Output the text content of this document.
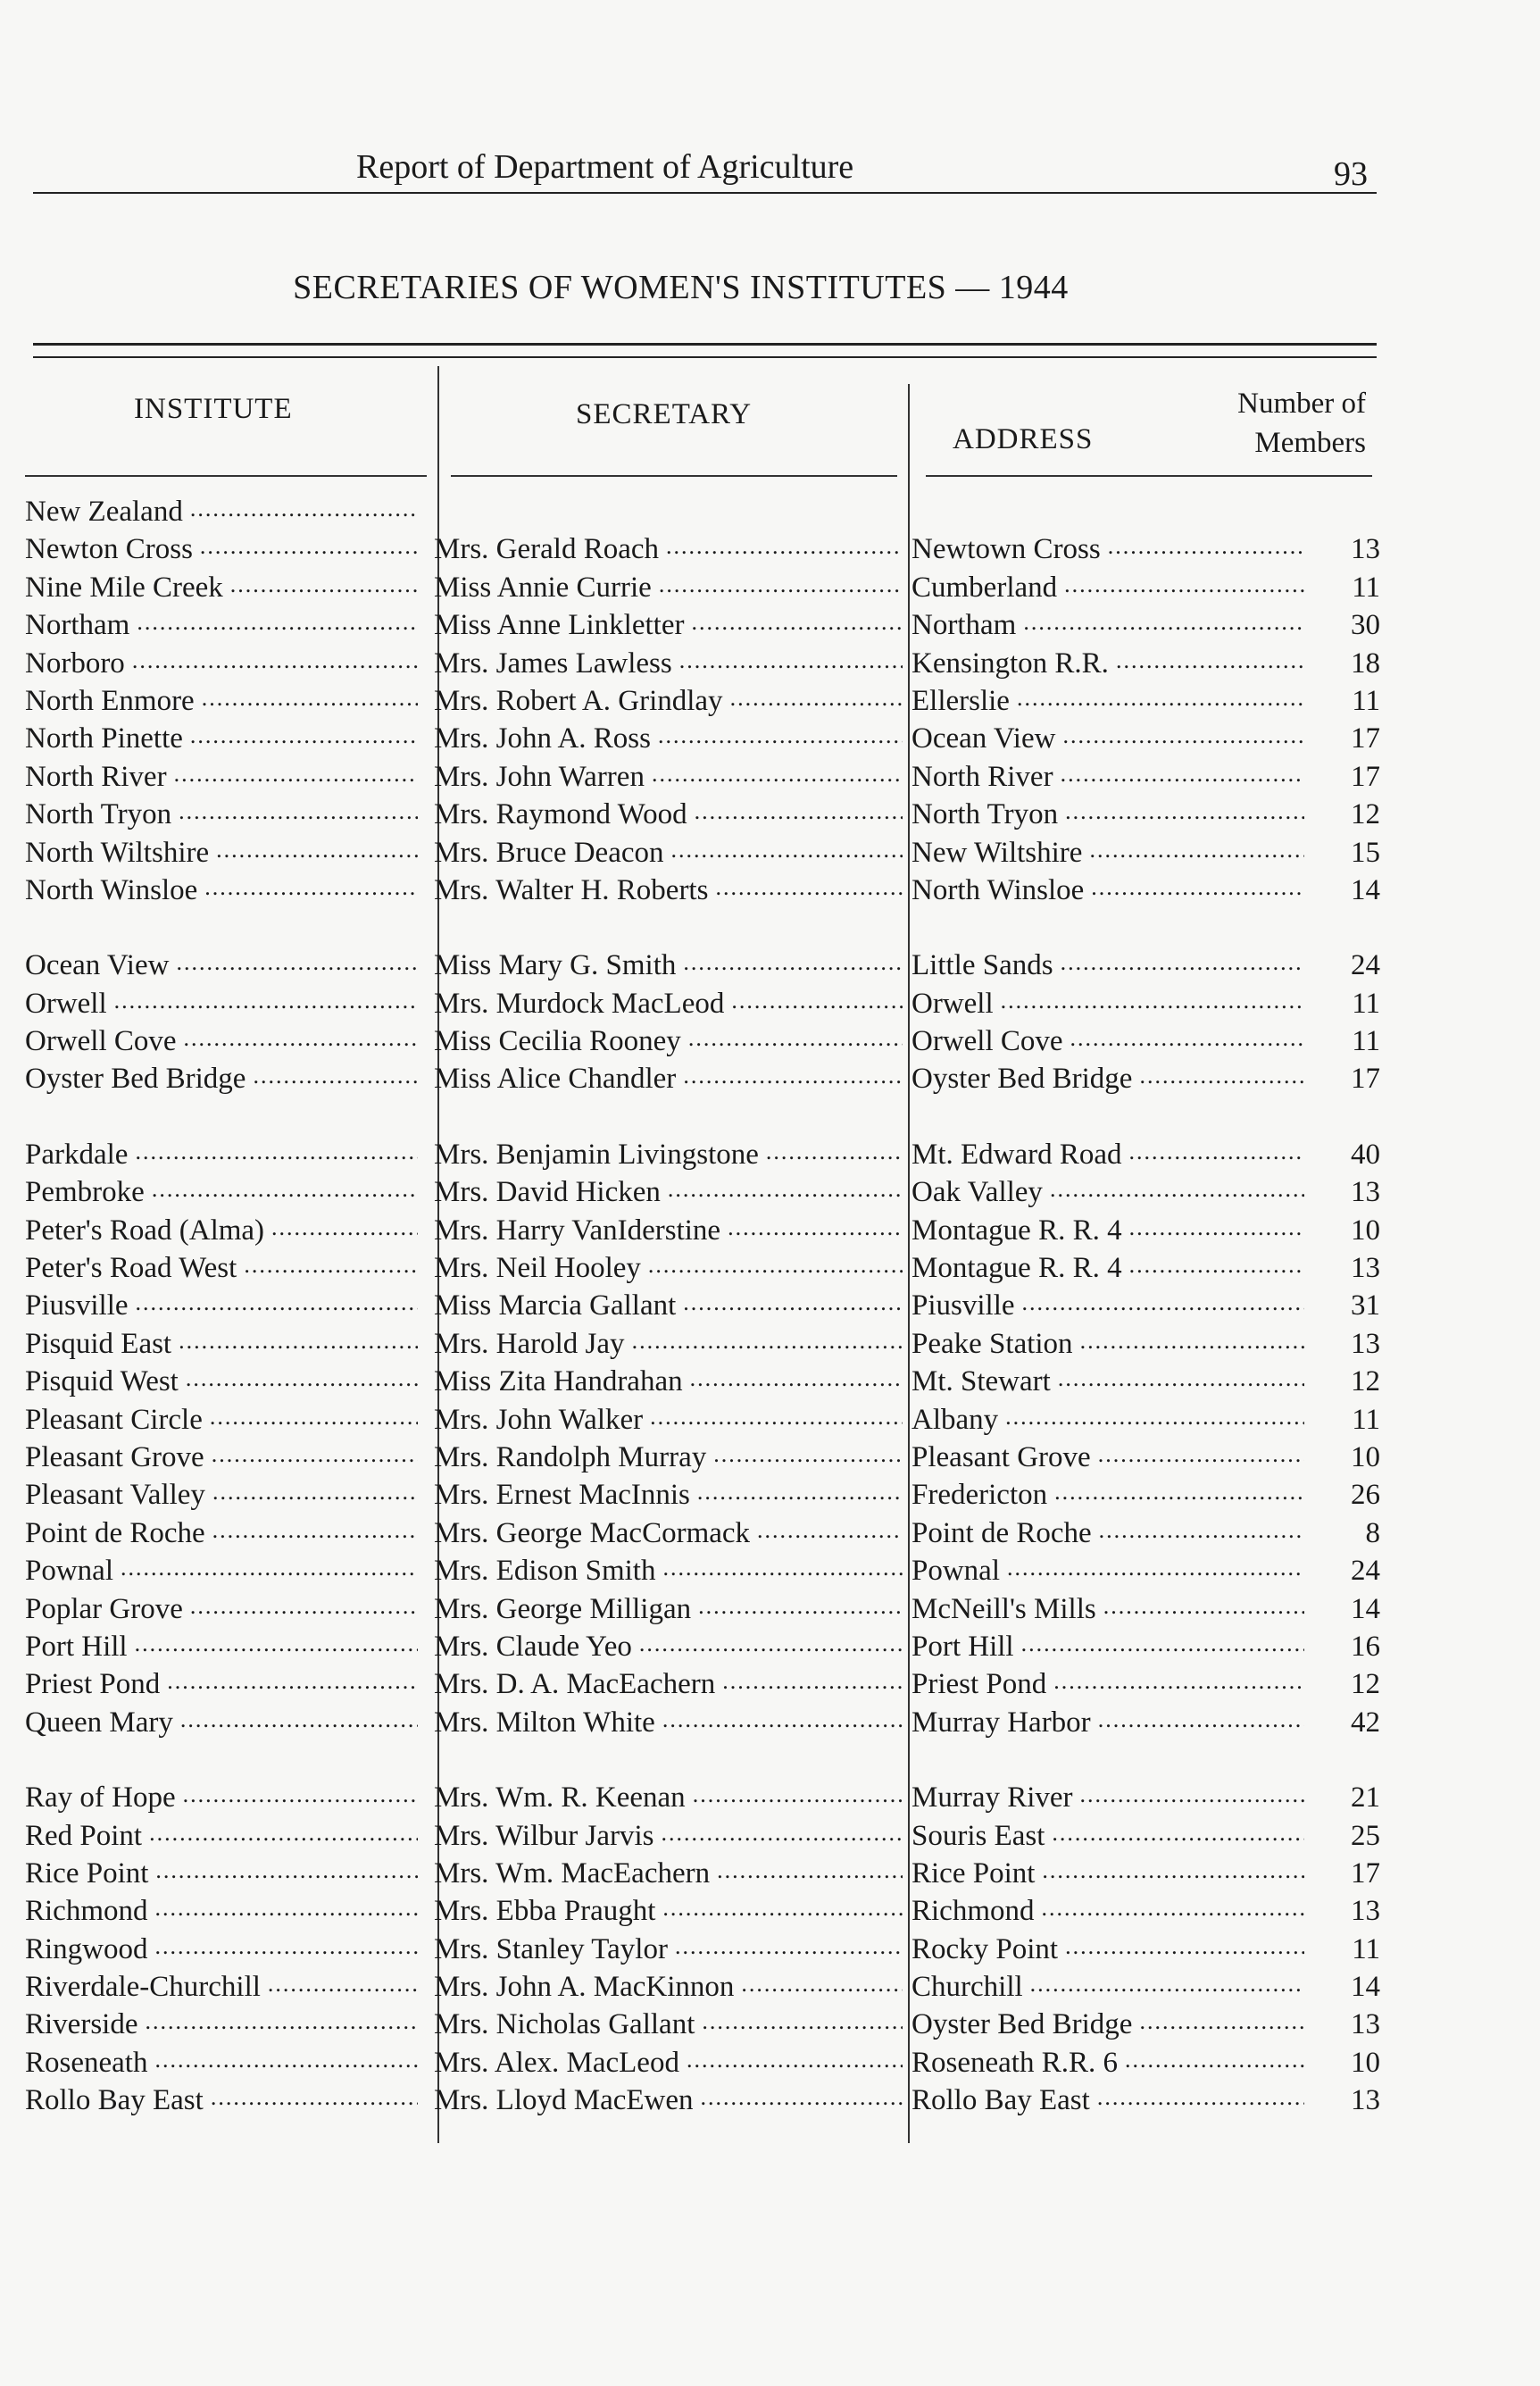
Report of Department of Agriculture	93
SECRETARIES OF WOMEN'S INSTITUTES — 1944
INSTITUTE	SECRETARY
ADDRESS
Number of
Members
New Zealand
.....
Newton Cross .....	Mrs. Gerald Roach .....	Newtown Cross .....	13
Nine Mile Creek .....	Miss Annie Currie .....	Cumberland .....	11
Northam .....	Miss Anne Linkletter .....	Northam .....	30
Norboro .....	Mrs. James Lawless .....	Kensington R.R. .....	18
North Enmore .....	Mrs. Robert A. Grindlay .....	Ellerslie .....	11
North Pinette .....	Mrs. John A. Ross .....	Ocean View .....	17
North River .....	Mrs. John Warren .....	North River .....	17
North Tryon .....	Mrs. Raymond Wood .....	North Tryon .....	12
North Wiltshire .....	Mrs. Bruce Deacon .....	New Wiltshire .....	15
North Winsloe .....	Mrs. Walter H. Roberts .....	North Winsloe .....	14
Ocean View .....	Miss Mary G. Smith .....	Little Sands .....	24
Orwell .....	Mrs. Murdock MacLeod .....	Orwell .....	11
Orwell Cove .....	Miss Cecilia Rooney .....	Orwell Cove .....	11
Oyster Bed Bridge .....	Miss Alice Chandler .....	Oyster Bed Bridge .....	17
Parkdale .....	Mrs. Benjamin Livingstone .....	Mt. Edward Road .....	40
Pembroke .....	Mrs. David Hicken .....	Oak Valley .....	13
Peter's Road (Alma) .....	Mrs. Harry VanIderstine .....	Montague R. R. 4 .....	10
Peter's Road West .....	Mrs. Neil Hooley .....	Montague R. R. 4 .....	13
Piusville .....	Miss Marcia Gallant .....	Piusville .....	31
Pisquid East .....	Mrs. Harold Jay .....	Peake Station .....	13
Pisquid West .....	Miss Zita Handrahan .....	Mt. Stewart .....	12
Pleasant Circle .....	Mrs. John Walker .....	Albany .....	11
Pleasant Grove .....	Mrs. Randolph Murray .....	Pleasant Grove .....	10
Pleasant Valley .....	Mrs. Ernest MacInnis .....	Fredericton .....	26
Point de Roche .....	Mrs. George MacCormack .....	Point de Roche .....	8
Pownal .....	Mrs. Edison Smith .....	Pownal .....	24
Poplar Grove .....	Mrs. George Milligan .....	McNeill's Mills .....	14
Port Hill .....	Mrs. Claude Yeo .....	Port Hill .....	16
Priest Pond .....	Mrs. D. A. MacEachern .....	Priest Pond .....	12
Queen Mary .....	Mrs. Milton White .....	Murray Harbor .....	42
Ray of Hope .....	Mrs. Wm. R. Keenan .....	Murray River .....	21
Red Point .....	Mrs. Wilbur Jarvis .....	Souris East .....	25
Rice Point .....	Mrs. Wm. MacEachern .....	Rice Point .....	17
Richmond .....	Mrs. Ebba Praught .....	Richmond .....	13
Ringwood .....	Mrs. Stanley Taylor .....	Rocky Point .....	11
Riverdale-Churchill .....	Mrs. John A. MacKinnon .....	Churchill .....	14
Riverside .....	Mrs. Nicholas Gallant .....	Oyster Bed Bridge .....	13
Roseneath .....	Mrs. Alex. MacLeod .....	Roseneath R.R. 6 .....	10
Rollo Bay East .....	Mrs. Lloyd MacEwen .....	Rollo Bay East .....	13
